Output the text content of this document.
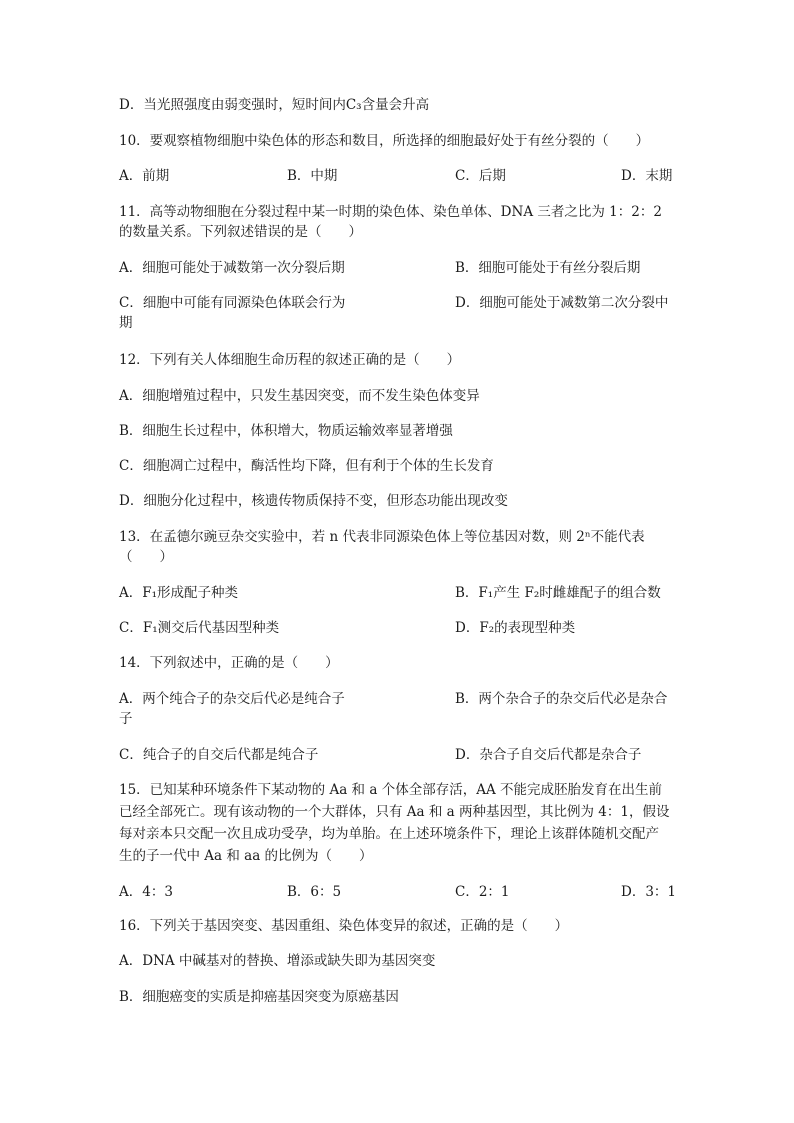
D．当光照强度由弱变强时，短时间内C₃含量会升高
10．要观察植物细胞中染色体的形态和数目，所选择的细胞最好处于有丝分裂的（　　）
A．前期	B．中期	C．后期	D．末期
11．高等动物细胞在分裂过程中某一时期的染色体、染色单体、DNA 三者之比为 1：2：2
的数量关系。下列叙述错误的是（　　）
A．细胞可能处于减数第一次分裂后期	B．细胞可能处于有丝分裂后期
C．细胞中可能有同源染色体联会行为	D．细胞可能处于减数第二次分裂中
期
12．下列有关人体细胞生命历程的叙述正确的是（　　）
A．细胞增殖过程中，只发生基因突变，而不发生染色体变异
B．细胞生长过程中，体积增大，物质运输效率显著增强
C．细胞凋亡过程中，酶活性均下降，但有利于个体的生长发育
D．细胞分化过程中，核遗传物质保持不变，但形态功能出现改变
13．在孟德尔豌豆杂交实验中，若 n 代表非同源染色体上等位基因对数，则 2ⁿ不能代表
（　　）
A．F₁形成配子种类	B．F₁产生 F₂时雌雄配子的组合数
C．F₁测交后代基因型种类	D．F₂的表现型种类
14．下列叙述中，正确的是（　　）
A．两个纯合子的杂交后代必是纯合子	B．两个杂合子的杂交后代必是杂合
子
C．纯合子的自交后代都是纯合子	D．杂合子自交后代都是杂合子
15．已知某种环境条件下某动物的 Aa 和 a 个体全部存活，AA 不能完成胚胎发育在出生前
已经全部死亡。现有该动物的一个大群体，只有 Aa 和 a 两种基因型，其比例为 4：1，假设
每对亲本只交配一次且成功受孕，均为单胎。在上述环境条件下，理论上该群体随机交配产
生的子一代中 Aa 和 aa 的比例为（　　）
A．4：3	B．6：5	C．2：1	D．3：1
16．下列关于基因突变、基因重组、染色体变异的叙述，正确的是（　　）
A．DNA 中碱基对的替换、增添或缺失即为基因突变
B．细胞癌变的实质是抑癌基因突变为原癌基因
